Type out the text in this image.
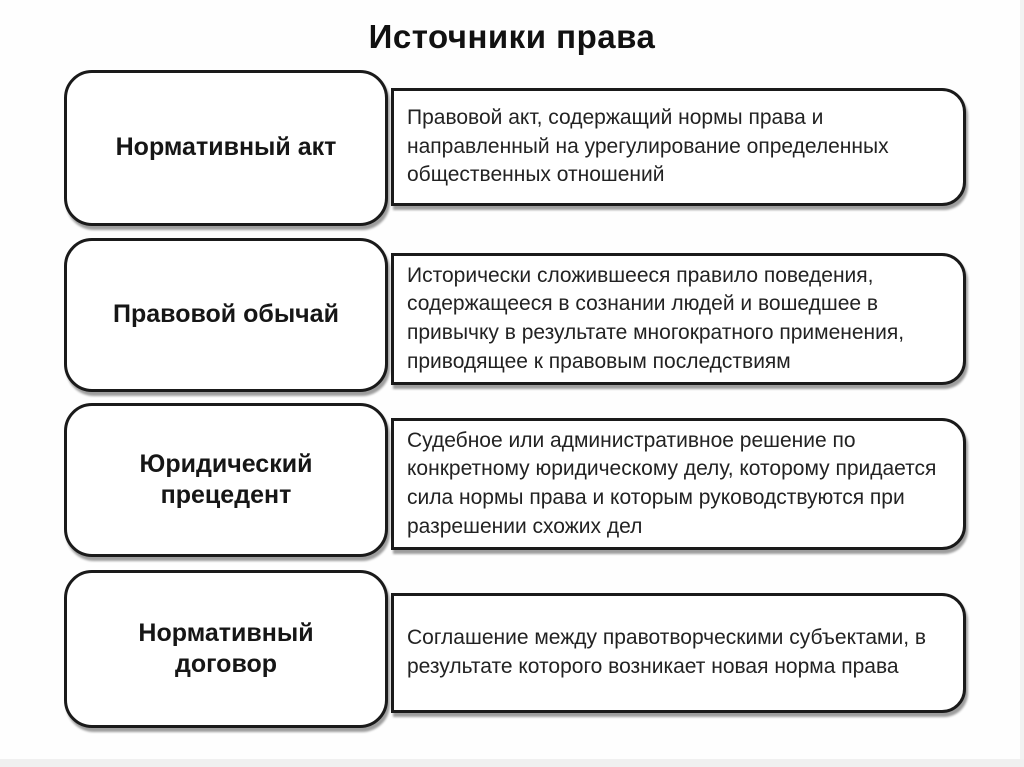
Источники права
Правовой акт, содержащий нормы права и направленный на урегулирование определенных общественных отношений
Нормативный акт
Исторически сложившееся правило поведения, содержащееся в сознании людей и вошедшее в привычку в результате многократного применения, приводящее к правовым последствиям
Правовой обычай
Судебное или административное решение по конкретному юридическому делу, которому придается сила нормы права и которым руководствуются при разрешении схожих дел
Юридический прецедент
Соглашение между правотворческими субъектами, в результате которого возникает новая норма права
Нормативный договор
